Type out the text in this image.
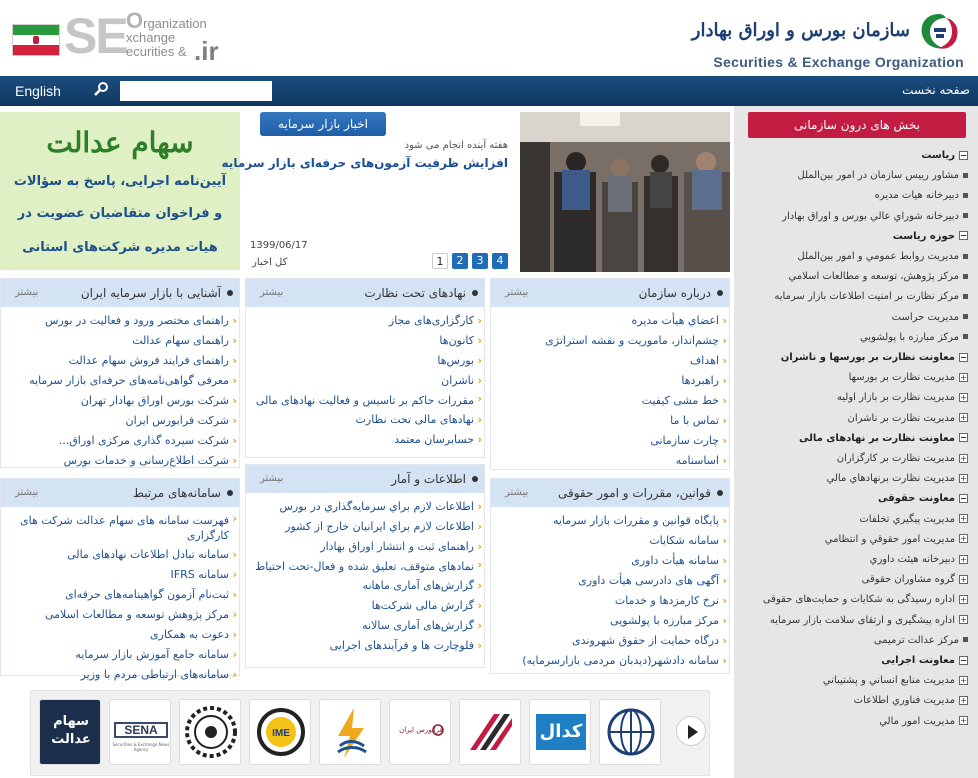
سازمان بورس و اوراق بهادار
Securities & Exchange Organization
SE Organization
xchange
ecurities & .ir
English	صفحه نخست
سهام عدالت
آیین‌نامه اجرایی، پاسخ به سؤالات
و فراخوان متقاضیان عضویت در
هیات مدیره شرکت‌های استانی
اخبار بازار سرمایه
هفته آینده انجام می شود
افزایش ظرفیت آزمون‌های حرفه‌ای بازار سرمایه
1399/06/17
کل اخبار	4
3
2
1
درباره سازمان
بیشتر
‹ اعضاي هيأت مديره
‹ چشم‌انداز، ماموريت و نقشه استراتژی
‹ اهداف
‹ راهبردها
‹ خط مشی کيفيت
‹ تماس با ما
‹ چارت سازمانی
‹ اساسنامه
نهادهای تحت نظارت
بیشتر
‹ کارگزاری‌های مجاز
‹ کانون‌ها
‹ بورس‌ها
‹ ناشران
‹ مقررات حاکم بر تاسیس و فعالیت نهادهای مالی
‹ نهادهای مالی تحت نظارت
‹ حسابرسان معتمد
آشنایی با بازار سرمایه ایران
بیشتر
‹ راهنمای مختصر ورود و فعالیت در بورس
‹ راهنمای سهام عدالت
‹ راهنمای فرايند فروش سهام عدالت
‹ معرفی گواهی‌نامه‌های حرفه‌ای بازار سرمايه
‹ شرکت بورس اوراق بهادار تهران
‹ شرکت فرابورس ايران
‹ شرکت سپرده گذاری مرکزی اوراق...
‹ شرکت اطلاع‌رسانی و خدمات بورس
قوانین، مقررات و امور حقوقی
بیشتر
‹ پايگاه قوانين و مقررات بازار سرمايه
‹ سامانه شکايات
‹ سامانه هيأت داوری
‹ آگهی های دادرسی هیأت داوری
‹ نرخ کارمزدها و خدمات
‹ مرکز مبارزه با پولشويی
‹ درگاه حمایت از حقوق شهروندی
‹ سامانه دادشهر(ديدبان مردمی بازارسرمايه)
اطلاعات و آمار
بیشتر
‹ اطلاعات لازم براي سرمايه‌گذاري در بورس
‹ اطلاعات لازم براي ايرانيان خارج از کشور
‹ راهنمای ثبت و انتشار اوراق بهادار
‹ نمادهای متوقف، تعلیق شده و فعال-تحت احتیاط
‹ گزارش‌های آماری ماهانه
‹ گزارش مالی شرکت‌ها
‹ گزارش‌های آماری سالانه
‹ فلوچارت ها و فرآیندهای اجرایی
سامانه‌های مرتبط
بیشتر
‹ فهرست سامانه های سهام عدالت شرکت های کارگزاری
‹ سامانه تبادل اطلاعات نهادهای مالی
‹ سامانه IFRS
‹ ثبت‌نام آزمون گواهینامه‌های حرفه‌ای
‹ مرکز پژوهش توسعه و مطالعات اسلامی
‹ دعوت به همکاری
‹ سامانه جامع آموزش بازار سرمایه
‹ سامانه‌های ارتباطی مردم با وزیر
بخش های درون سازمانی
−رياست
مشاور رييس سازمان در امور بين‌الملل
دبيرخانه هيات مديره
دبيرخانه شوراي عالي بورس و اوراق بهادار
−حوزه رياست
مديريت روابط عمومي و امور بين‌الملل
مركز پژوهش، توسعه و مطالعات اسلامي
مرکز نظارت بر امنيت اطلاعات بازار سرمايه
مديريت حراست
مرکز مبارزه با پولشويي
−معاونت نظارت بر بورسها و ناشران
+مديريت نظارت بر بورسها
+مديريت نظارت بر بازار اوليه
+مديريت نظارت بر ناشران
−معاونت نظارت بر نهادهای مالی
+مديريت نظارت بر کارگزاران
+مديريت نظارت برنهادهاي مالي
−معاونت حقوقی
+مديريت پيگيري تخلفات
+مديريت امور حقوقي و انتظامي
+دبيرخانه هيئت داوري
+گروه مشاوران حقوقی
+اداره رسيدگی به شكايات و حمايت‌های حقوقی
+اداره پیشگیری و ارتقای سلامت بازار سرمایه
مرکز عدالت ترمیمی
−معاونت اجرایی
+مديريت منابع انساني و پشتيباني
+مديريت فناوري اطلاعات
+مديريت امور مالي
سهام
عدالت
SENA
Securities & Exchange News Agency
IME	فرابورس ایران	کدال
